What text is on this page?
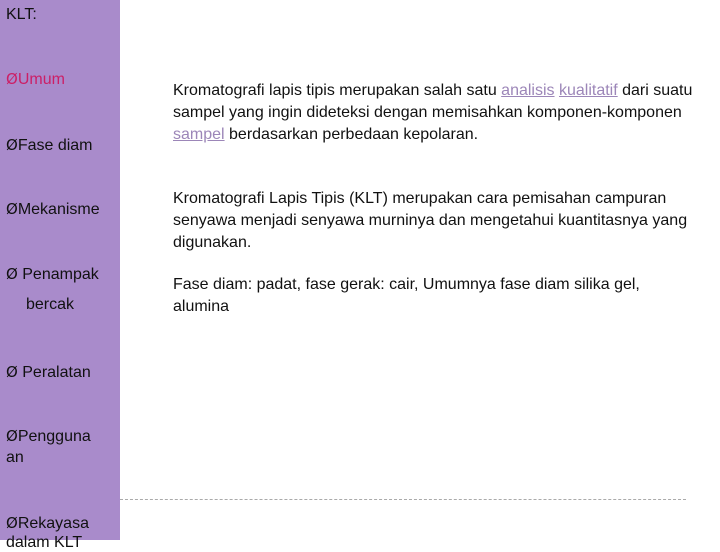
KLT:
ØUmum
ØFase diam
ØMekanisme
Ø Penampak
bercak
Ø Peralatan
ØPengguna
an
ØRekayasa
dalam KLT
Kromatografi lapis tipis merupakan salah satu analisis kualitatif dari suatu sampel yang ingin dideteksi dengan memisahkan komponen-komponen sampel berdasarkan perbedaan kepolaran.
Kromatografi Lapis Tipis (KLT) merupakan cara pemisahan campuran senyawa menjadi senyawa murninya dan mengetahui kuantitasnya yang digunakan.
Fase diam: padat, fase gerak: cair, Umumnya fase diam silika gel, alumina
